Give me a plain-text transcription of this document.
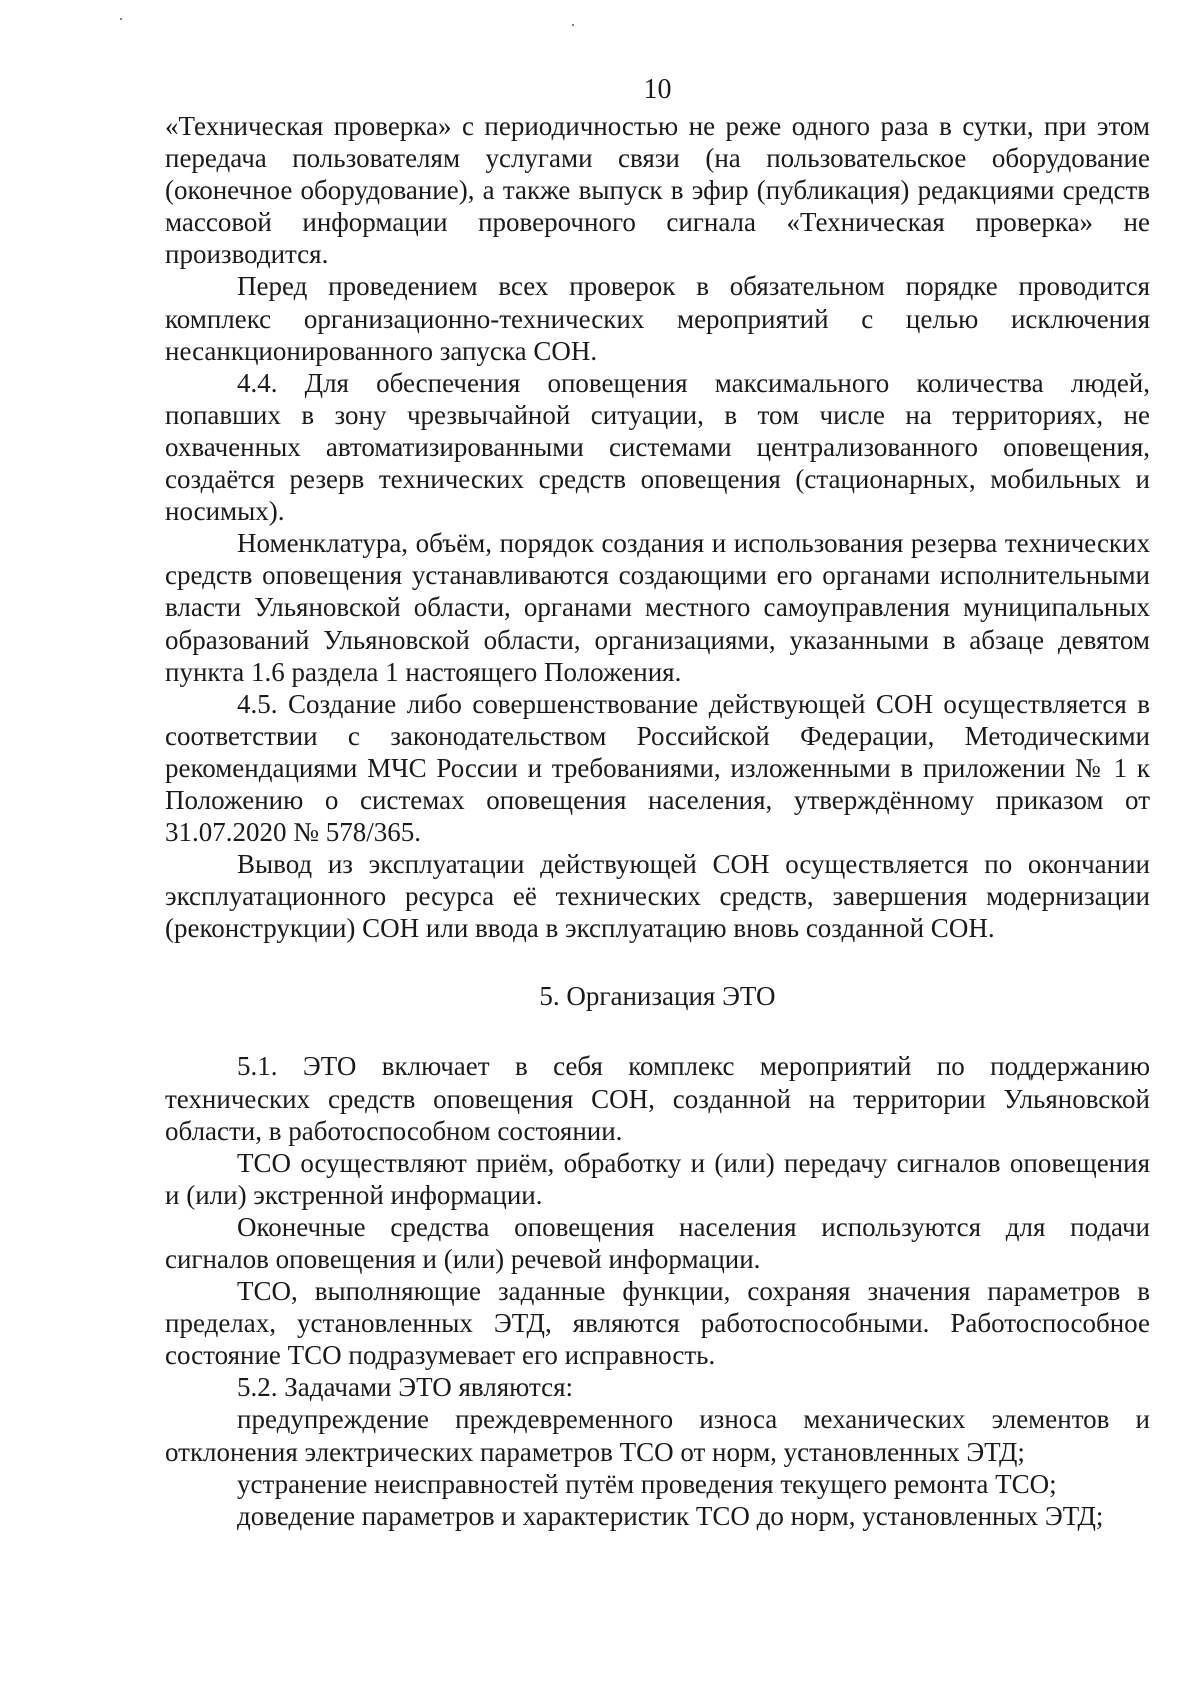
10

«Техническая проверка» с периодичностью не реже одного раза в сутки, при этом передача пользователям услугами связи (на пользовательское оборудование (оконечное оборудование), а также выпуск в эфир (публикация) редакциями средств массовой информации проверочного сигнала «Техническая проверка» не производится.

Перед проведением всех проверок в обязательном порядке проводится комплекс организационно-технических мероприятий с целью исключения несанкционированного запуска СОН.

4.4. Для обеспечения оповещения максимального количества людей, попавших в зону чрезвычайной ситуации, в том числе на территориях, не охваченных автоматизированными системами централизованного оповещения, создаётся резерв технических средств оповещения (стационарных, мобильных и носимых).

Номенклатура, объём, порядок создания и использования резерва технических средств оповещения устанавливаются создающими его органами исполнительными власти Ульяновской области, органами местного самоуправления муниципальных образований Ульяновской области, организациями, указанными в абзаце девятом пункта 1.6 раздела 1 настоящего Положения.

4.5. Создание либо совершенствование действующей СОН осуществляется в соответствии с законодательством Российской Федерации, Методическими рекомендациями МЧС России и требованиями, изложенными в приложении № 1 к Положению о системах оповещения населения, утверждённому приказом от 31.07.2020 № 578/365.

Вывод из эксплуатации действующей СОН осуществляется по окончании эксплуатационного ресурса её технических средств, завершения модернизации (реконструкции) СОН или ввода в эксплуатацию вновь созданной СОН.

5. Организация ЭТО

5.1. ЭТО включает в себя комплекс мероприятий по поддержанию технических средств оповещения СОН, созданной на территории Ульяновской области, в работоспособном состоянии.

ТСО осуществляют приём, обработку и (или) передачу сигналов оповещения и (или) экстренной информации.

Оконечные средства оповещения населения используются для подачи сигналов оповещения и (или) речевой информации.

ТСО, выполняющие заданные функции, сохраняя значения параметров в пределах, установленных ЭТД, являются работоспособными. Работоспособное состояние ТСО подразумевает его исправность.

5.2. Задачами ЭТО являются:

предупреждение преждевременного износа механических элементов и отклонения электрических параметров ТСО от норм, установленных ЭТД;

устранение неисправностей путём проведения текущего ремонта ТСО;

доведение параметров и характеристик ТСО до норм, установленных ЭТД;
